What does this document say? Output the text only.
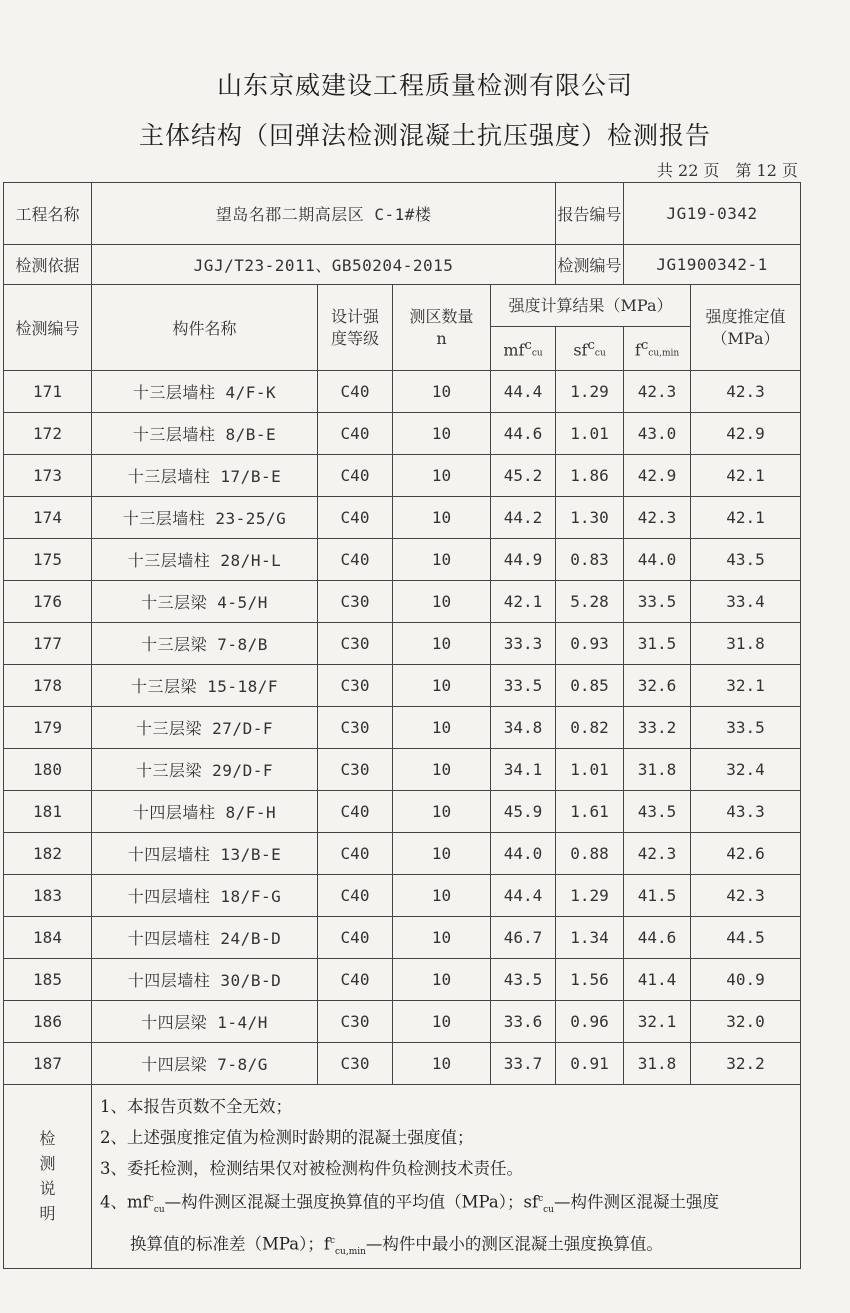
山东京威建设工程质量检测有限公司
主体结构（回弹法检测混凝土抗压强度）检测报告
共 22 页　第 12 页
工程名称	望岛名郡二期高层区 C-1#楼				报告编号	JG19-0342	
检测依据	JGJ/T23-2011、GB50204-2015				检测编号	JG1900342-1	
检测编号	构件名称	设计强度等级	测区数量 n	强度计算结果（MPa）			强度推定值（MPa）
				$mf^ccu$	$sf^ccu$	$f^ccu,\min$	
171	十三层墙柱 4/F-K	C40	10	44.4	1.29	42.3	42.3
172	十三层墙柱 8/B-E	C40	10	44.6	1.01	43.0	42.9
173	十三层墙柱 17/B-E	C40	10	45.2	1.86	42.9	42.1
174	十三层墙柱 23-25/G	C40	10	44.2	1.30	42.3	42.1
175	十三层墙柱 28/H-L	C40	10	44.9	0.83	44.0	43.5
176	十三层梁 4-5/H	C30	10	42.1	5.28	33.5	33.4
177	十三层梁 7-8/B	C30	10	33.3	0.93	31.5	31.8
178	十三层梁 15-18/F	C30	10	33.5	0.85	32.6	32.1
179	十三层梁 27/D-F	C30	10	34.8	0.82	33.2	33.5
180	十三层梁 29/D-F	C30	10	34.1	1.01	31.8	32.4
181	十四层墙柱 8/F-H	C40	10	45.9	1.61	43.5	43.3
182	十四层墙柱 13/B-E	C40	10	44.0	0.88	42.3	42.6
183	十四层墙柱 18/F-G	C40	10	44.4	1.29	41.5	42.3
184	十四层墙柱 24/B-D	C40	10	46.7	1.34	44.6	44.5
185	十四层墙柱 30/B-D	C40	10	43.5	1.56	41.4	40.9
186	十四层梁 1-4/H	C30	10	33.6	0.96	32.1	32.0
187	十四层梁 7-8/G	C30	10	33.7	0.91	31.8	32.2
检测说明	1、本报告页数不全无效；
2、上述强度推定值为检测时龄期的混凝土强度值；
3、委托检测，检测结果仅对被检测构件负检测技术责任。
4、$mf^c_{cu}—$构件测区混凝土强度换算值的平均值（MPa）；$sf^c_{cu}—$构件测区混凝土强度
换算值的标准差（MPa）；$f^c_{cu,min}—$构件中最小的测区混凝土强度换算值。						
